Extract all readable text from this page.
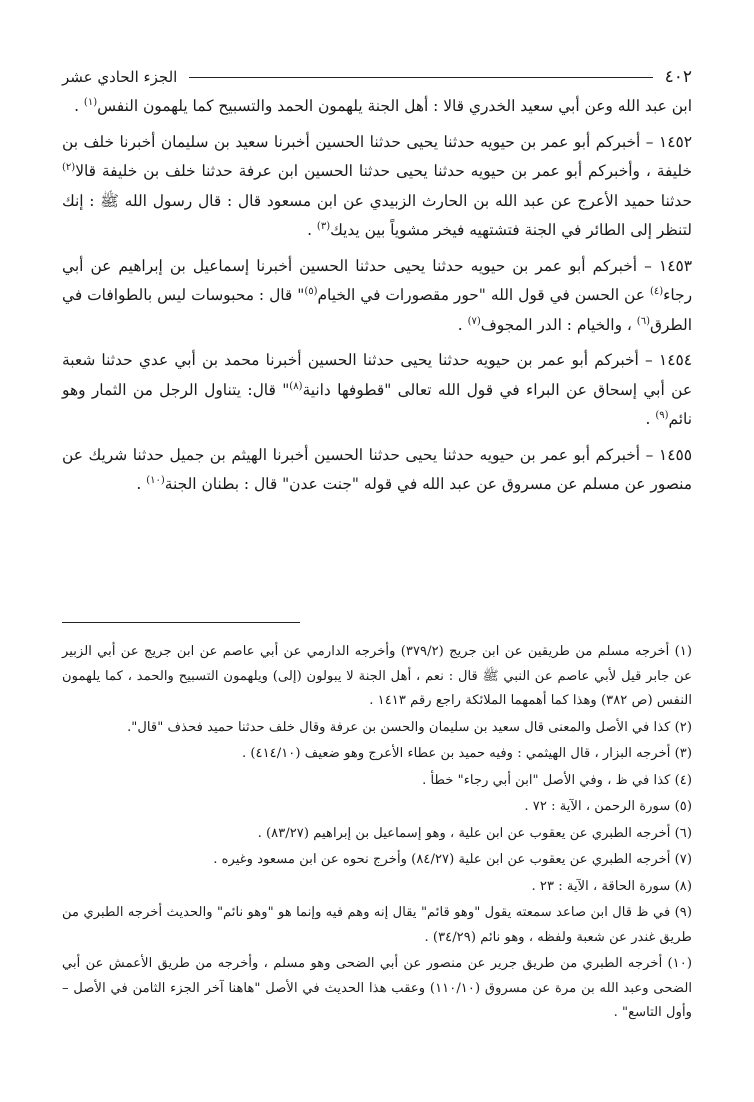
٤٠٢
الجزء الحادي عشر

ابن عبد الله وعن أبي سعيد الخدري قالا : أهل الجنة يلهمون الحمد والتسبيح كما يلهمون النفس$^{(١)}$ .

١٤٥٢ – أخبركم أبو عمر بن حيويه حدثنا يحيى حدثنا الحسين أخبرنا سعيد بن سليمان أخبرنا خلف بن خليفة ، وأخبركم أبو عمر بن حيويه حدثنا يحيى حدثنا الحسين ابن عرفة حدثنا خلف بن خليفة قالا$^{(٢)}$ حدثنا حميد الأعرج عن عبد الله بن الحارث الزبيدي عن ابن مسعود قال : قال رسول الله ﷺ : إنك لتنظر إلى الطائر في الجنة فتشتهيه فيخر مشوياً بين يديك$^{(٣)}$ .

١٤٥٣ – أخبركم أبو عمر بن حيويه حدثنا يحيى حدثنا الحسين أخبرنا إسماعيل بن إبراهيم عن أبي رجاء$^{(٤)}$ عن الحسن في قول الله "حور مقصورات في الخيام$^{(٥)}$" قال : محبوسات ليس بالطوافات في الطرق$^{(٦)}$ ، والخيام : الدر المجوف$^{(٧)}$ .

١٤٥٤ – أخبركم أبو عمر بن حيويه حدثنا يحيى حدثنا الحسين أخبرنا محمد بن أبي عدي حدثنا شعبة عن أبي إسحاق عن البراء في قول الله تعالى "قطوفها دانية$^{(٨)}$" قال: يتناول الرجل من الثمار وهو نائم$^{(٩)}$ .

١٤٥٥ – أخبركم أبو عمر بن حيويه حدثنا يحيى حدثنا الحسين أخبرنا الهيثم بن جميل حدثنا شريك عن منصور عن مسلم عن مسروق عن عبد الله في قوله "جنت عدن" قال : بطنان الجنة$^{(١٠)}$ .

(١) أخرجه مسلم من طريقين عن ابن جريج (٣٧٩/٢) وأخرجه الدارمي عن أبي عاصم عن ابن جريج عن أبي الزبير عن جابر قيل لأبي عاصم عن النبي ﷺ قال : نعم ، أهل الجنة لا يبولون (إلى) ويلهمون التسبيح والحمد ، كما يلهمون النفس (ص ٣٨٢) وهذا كما أهمهما الملائكة راجع رقم ١٤١٣ .

(٢) كذا في الأصل والمعنى قال سعيد بن سليمان والحسن بن عرفة وقال خلف حدثنا حميد فحذف "قال".

(٣) أخرجه البزار ، قال الهيثمي : وفيه حميد بن عطاء الأعرج وهو ضعيف (٤١٤/١٠) .

(٤) كذا في ظ ، وفي الأصل "ابن أبي رجاء" خطأ .

(٥) سورة الرحمن ، الآية : ٧٢ .

(٦) أخرجه الطبري عن يعقوب عن ابن علية ، وهو إسماعيل بن إبراهيم (٨٣/٢٧) .

(٧) أخرجه الطبري عن يعقوب عن ابن علية (٨٤/٢٧) وأخرج نحوه عن ابن مسعود وغيره .

(٨) سورة الحاقة ، الآية : ٢٣ .

(٩) في ظ قال ابن صاعد سمعته يقول "وهو قائم" يقال إنه وهم فيه وإنما هو "وهو نائم" والحديث أخرجه الطبري من طريق غندر عن شعبة ولفظه ، وهو نائم (٣٤/٢٩) .

(١٠) أخرجه الطبري من طريق جرير عن منصور عن أبي الضحى وهو مسلم ، وأخرجه من طريق الأعمش عن أبي الضحى وعبد الله بن مرة عن مسروق (١١٠/١٠) وعقب هذا الحديث في الأصل "هاهنا آخر الجزء الثامن في الأصل – وأول التاسع" .
